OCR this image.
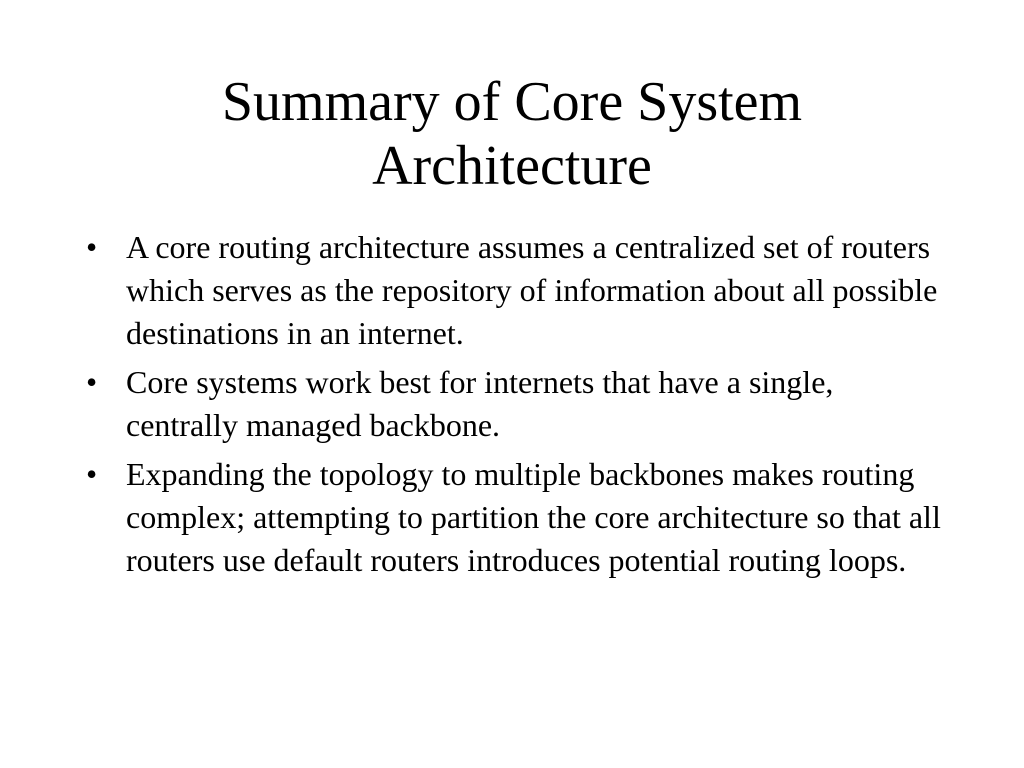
Summary of Core System Architecture
• A core routing architecture assumes a centralized set of routers which serves as the repository of information about all possible destinations in an internet.
• Core systems work best for internets that have a single, centrally managed backbone.
• Expanding the topology to multiple backbones makes routing complex; attempting to partition the core architecture so that all routers use default routers introduces potential routing loops.
